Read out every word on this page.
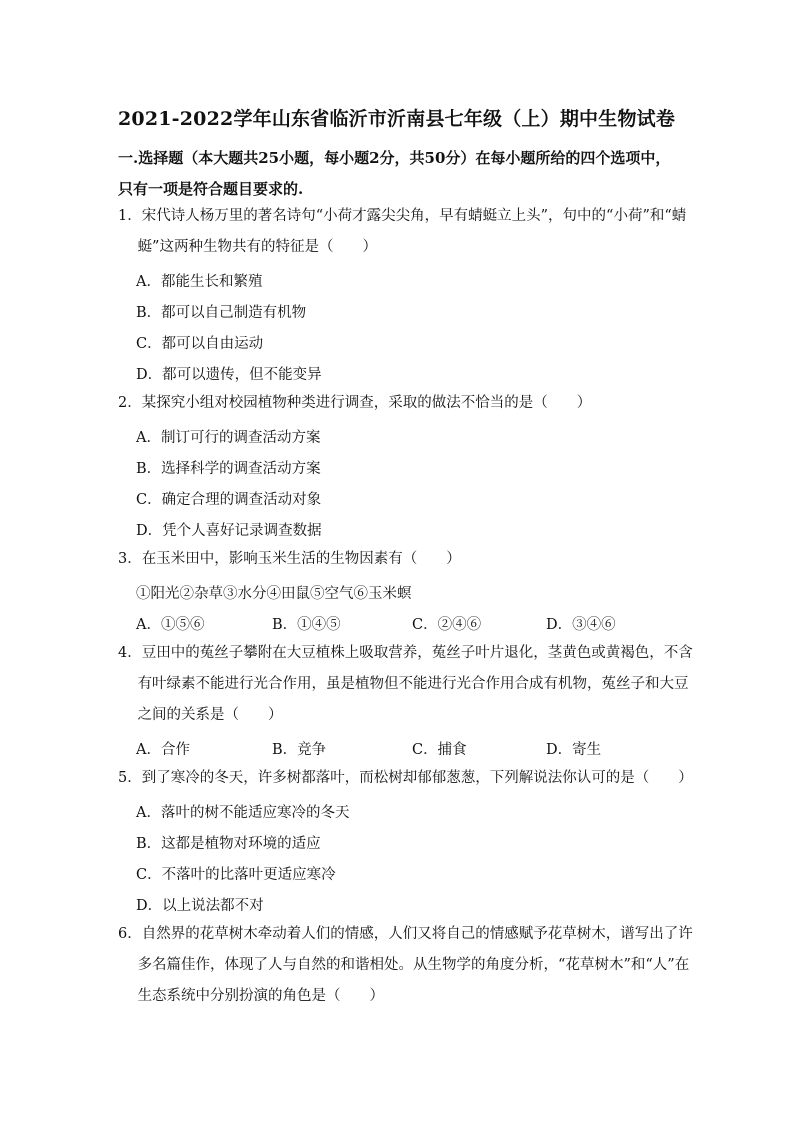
2021-2022学年山东省临沂市沂南县七年级（上）期中生物试卷
一.选择题（本大题共25小题，每小题2分，共50分）在每小题所给的四个选项中，只有一项是符合题目要求的.
1．宋代诗人杨万里的著名诗句“小荷才露尖尖角，早有蜻蜓立上头”，句中的“小荷”和“蜻蜓”这两种生物共有的特征是（　　）
A．都能生长和繁殖
B．都可以自己制造有机物
C．都可以自由运动
D．都可以遗传，但不能变异
2．某探究小组对校园植物种类进行调查，采取的做法不恰当的是（　　）
A．制订可行的调查活动方案
B．选择科学的调查活动方案
C．确定合理的调查活动对象
D．凭个人喜好记录调查数据
3．在玉米田中，影响玉米生活的生物因素有（　　）
①阳光②杂草③水分④田鼠⑤空气⑥玉米螟
A．①⑤⑥	B．①④⑤	C．②④⑥	D．③④⑥
4．豆田中的菟丝子攀附在大豆植株上吸取营养，菟丝子叶片退化，茎黄色或黄褐色，不含有叶绿素不能进行光合作用，虽是植物但不能进行光合作用合成有机物，菟丝子和大豆之间的关系是（　　）
A．合作	B．竞争	C．捕食	D．寄生
5．到了寒冷的冬天，许多树都落叶，而松树却郁郁葱葱，下列解说法你认可的是（　　）
A．落叶的树不能适应寒冷的冬天
B．这都是植物对环境的适应
C．不落叶的比落叶更适应寒冷
D．以上说法都不对
6．自然界的花草树木牵动着人们的情感，人们又将自己的情感赋予花草树木，谱写出了许多名篇佳作，体现了人与自然的和谐相处。从生物学的角度分析，“花草树木”和“人”在生态系统中分别扮演的角色是（　　）
